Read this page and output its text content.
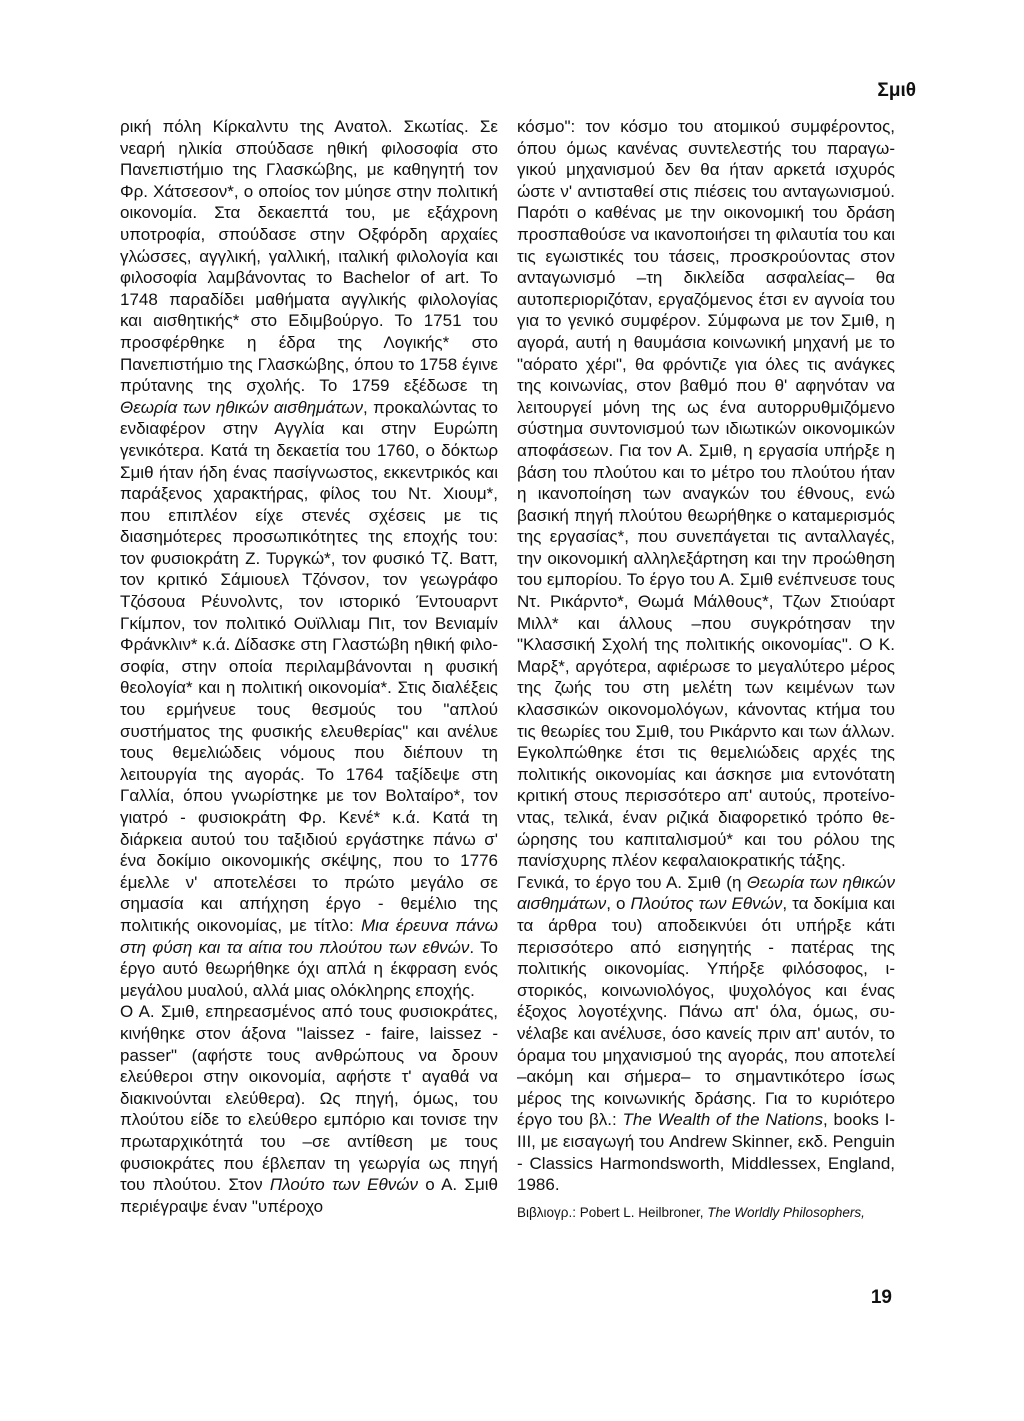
Σμιθ

ρική πόλη Κίρκαλντυ της Ανατολ. Σκωτίας. Σε νεαρή ηλικία σπούδασε ηθική φιλοσοφία στο Πανεπιστήμιο της Γλασκώβης, με καθηγητή τον Φρ. Χάτσεσον*, ο οποίος τον μύησε στην πολιτική οικονομία. Στα δεκαεπτά του, με εξάχρονη υποτροφία, σπούδασε στην Οξφόρδη αρχαίες γλώσσες, αγγλική, γαλλική, ιταλική φιλολογία και φιλοσοφία λαμβάνοντας το Bachelor of art. Το 1748 παραδίδει μαθήματα αγγλικής φιλολογίας και αισθητικής* στο Εδιμβούργο. Το 1751 του προσφέρθηκε η έδρα της Λογικής* στο Πανεπιστήμιο της Γλασκώβης, όπου το 1758 έγινε πρύτανης της σχολής. Το 1759 εξέδωσε τη Θεωρία των ηθικών αισθημάτων, προκαλώντας το ενδιαφέρον στην Αγγλία και στην Ευρώπη γενικότερα. Κατά τη δεκαετία του 1760, ο δόκτωρ Σμιθ ήταν ήδη ένας πασίγνωστος, εκκεντρικός και παράξενος χαρακτήρας, φίλος του Ντ. Χιουμ*, που επιπλέον είχε στενές σχέσεις με τις διασημότερες προσωπικότητες της εποχής του: τον φυσιοκράτη Ζ. Τυργκώ*, τον φυσικό Τζ. Βατт, τον κριτικό Σάμιουελ Τζόνσον, τον γεωγράφο Τζόσουα Ρέυνολντς, τον ιστορικό Έντουαρντ Γκίμπον, τον πολιτικό Ουϊλλιαμ Πιτ, τον Βενιαμίν Φράνκλιν* κ.ά. Δίδασκε στη Γλαστώβη ηθική φιλοσοφία, στην οποία περιλαμβάνονται η φυσική θεολογία* και η πολιτική οικονομία*. Στις διαλέξεις του ερμήνευε τους θεσμούς του "απλού συστήματος της φυσικής ελευθερίας" και ανέλυε τους θεμελιώδεις νόμους που διέπουν τη λειτουργία της αγοράς. Το 1764 ταξίδεψε στη Γαλλία, όπου γνωρίστηκε με τον Βολταίρο*, τον γιατρό - φυσιοκράτη Φρ. Κενέ* κ.ά. Κατά τη διάρκεια αυτού του ταξιδιού εργάστηκε πάνω σ' ένα δοκίμιο οικονομικής σκέψης, που το 1776 έμελλε ν' αποτελέσει το πρώτο μεγάλο σε σημασία και απήχηση έργο - θεμέλιο της πολιτικής οικονομίας, με τίτλο: Μια έρευνα πάνω στη φύση και τα αίτια του πλούτου των εθνών. Το έργο αυτό θεωρήθηκε όχι απλά η έκφραση ενός μεγάλου μυαλού, αλλά μιας ολόκληρης εποχής.

Ο Α. Σμιθ, επηρεασμένος από τους φυσιοκράτες, κινήθηκε στον άξονα "laissez - faire, laissez - passer" (αφήστε τους ανθρώπους να δρουν ελεύθεροι στην οικονομία, αφήστε τ' αγαθά να διακινούνται ελεύθερα). Ως πηγή, όμως, του πλούτου είδε το ελεύθερο εμπόριο και τονισε την πρωταρχικότητά του –σε αντίθεση με τους φυσιοκράτες που έβλεπαν τη γεωργία ως πηγή του πλούτου. Στον Πλούτο των Εθνών ο Α. Σμιθ περιέγραψε έναν "υπέροχο

κόσμο": τον κόσμο του ατομικού συμφέροντος, όπου όμως κανένας συντελεστής του παραγωγικού μηχανισμού δεν θα ήταν αρκετά ισχυρός ώστε ν' αντισταθεί στις πιέσεις του ανταγωνισμού. Παρότι ο καθένας με την οικονομική του δράση προσπαθούσε να ικανοποιήσει τη φιλαυτία του και τις εγωιστικές του τάσεις, προσκρούοντας στον ανταγωνισμό –τη δικλείδα ασφαλείας– θα αυτοπεριοριζόταν, εργαζόμενος έτσι εν αγνοία του για το γενικό συμφέρον. Σύμφωνα με τον Σμιθ, η αγορά, αυτή η θαυμάσια κοινωνική μηχανή με το "αόρατο χέρι", θα φρόντιζε για όλες τις ανάγκες της κοινωνίας, στον βαθμό που θ' αφηνόταν να λειτουργεί μόνη της ως ένα αυτορρυθμιζόμενο σύστημα συντονισμού των ιδιωτικών οικονομικών αποφάσεων. Για τον Α. Σμιθ, η εργασία υπήρξε η βάση του πλούτου και το μέτρο του πλούτου ήταν η ικανοποίηση των αναγκών του έθνους, ενώ βασική πηγή πλούτου θεωρήθηκε ο καταμερισμός της εργασίας*, που συνεπάγεται τις ανταλλαγές, την οικονομική αλληλεξάρτηση και την προώθηση του εμπορίου. Το έργο του Α. Σμιθ ενέπνευσε τους Ντ. Ρικάρντο*, Θωμά Μάλθους*, Τζων Στιούαρτ Μιλλ* και άλλους –που συγκρότησαν την "Κλασσική Σχολή της πολιτικής οικονομίας". Ο Κ. Μαρξ*, αργότερα, αφιέρωσε το μεγαλύτερο μέρος της ζωής του στη μελέτη των κειμένων των κλασσικών οικονομολόγων, κάνοντας κτήμα του τις θεωρίες του Σμιθ, του Ρικάρντο και των άλλων. Εγκολπώθηκε έτσι τις θεμελιώδεις αρχές της πολιτικής οικονομίας και άσκησε μια εντονότατη κριτική στους περισσότερο απ' αυτούς, προτείνοντας, τελικά, έναν ριζικά διαφορετικό τρόπο θεώρησης του καπιταλισμού* και του ρόλου της πανίσχυρης πλέον κεφαλαιοκρατικής τάξης.

Γενικά, το έργο του Α. Σμιθ (η Θεωρία των ηθικών αισθημάτων, ο Πλούτος των Εθνών, τα δοκίμια και τα άρθρα του) αποδεικνύει ότι υπήρξε κάτι περισσότερο από εισηγητής - πατέρας της πολιτικής οικονομίας. Υπήρξε φιλόσοφος, ιστορικός, κοινωνιολόγος, ψυχολόγος και ένας έξοχος λογοτέχνης. Πάνω απ' όλα, όμως, συνέλαβε και ανέλυσε, όσο κανείς πριν απ' αυτόν, το όραμα του μηχανισμού της αγοράς, που αποτελεί –ακόμη και σήμερα– το σημαντικότερο ίσως μέρος της κοινωνικής δράσης. Για το κυριότερο έργο του βλ.: The Wealth of the Nations, books I-III, με εισαγωγή του Andrew Skinner, εκδ. Penguin - Classics Harmondsworth, Middlessex, England, 1986.

Βιβλιογρ.: Pobert L. Heilbroner, The Worldly Philosophers,

19
